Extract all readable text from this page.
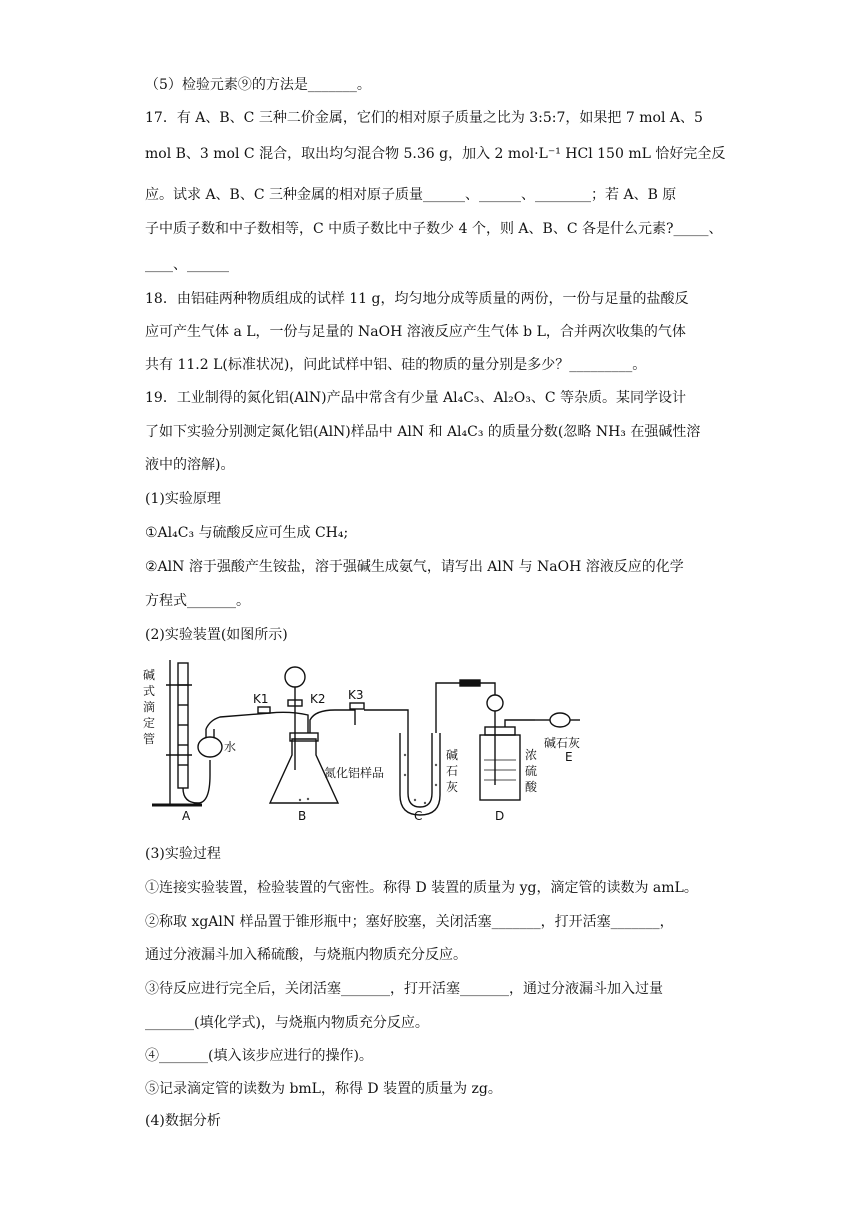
（5）检验元素⑨的方法是_______。
17．有 A、B、C 三种二价金属，它们的相对原子质量之比为 3:5:7，如果把 7 mol A、5
mol B、3 mol C 混合，取出均匀混合物 5.36 g，加入 2 mol·L⁻¹ HCl 150 mL 恰好完全反
应。试求 A、B、C 三种金属的相对原子质量______、______、________；若 A、B 原
子中质子数和中子数相等，C 中质子数比中子数少 4 个，则 A、B、C 各是什么元素?_____、
____、______
18．由铝硅两种物质组成的试样 11 g，均匀地分成等质量的两份，一份与足量的盐酸反
应可产生气体 a L，一份与足量的 NaOH 溶液反应产生气体 b L，合并两次收集的气体
共有 11.2 L(标准状况)，问此试样中铝、硅的物质的量分别是多少？_________。
19．工业制得的氮化铝(AlN)产品中常含有少量 Al₄C₃、Al₂O₃、C 等杂质。某同学设计
了如下实验分别测定氮化铝(AlN)样品中 AlN 和 Al₄C₃ 的质量分数(忽略 NH₃ 在强碱性溶
液中的溶解)。
(1)实验原理
①Al₄C₃ 与硫酸反应可生成 CH₄;
②AlN 溶于强酸产生铵盐，溶于强碱生成氨气，请写出 AlN 与 NaOH 溶液反应的化学
方程式_______。
(2)实验装置(如图所示)
碱
式
滴
定
管
水
K1	K2 K3
氮化铝样品
碱
石
灰
浓
硫
酸
碱石灰
E
A	B	C	D
(3)实验过程
①连接实验装置，检验装置的气密性。称得 D 装置的质量为 yg，滴定管的读数为 amL。
②称取 xgAlN 样品置于锥形瓶中；塞好胶塞，关闭活塞_______，打开活塞_______，
通过分液漏斗加入稀硫酸，与烧瓶内物质充分反应。
③待反应进行完全后，关闭活塞_______，打开活塞_______，通过分液漏斗加入过量
_______(填化学式)，与烧瓶内物质充分反应。
④_______(填入该步应进行的操作)。
⑤记录滴定管的读数为 bmL，称得 D 装置的质量为 zg。
(4)数据分析
